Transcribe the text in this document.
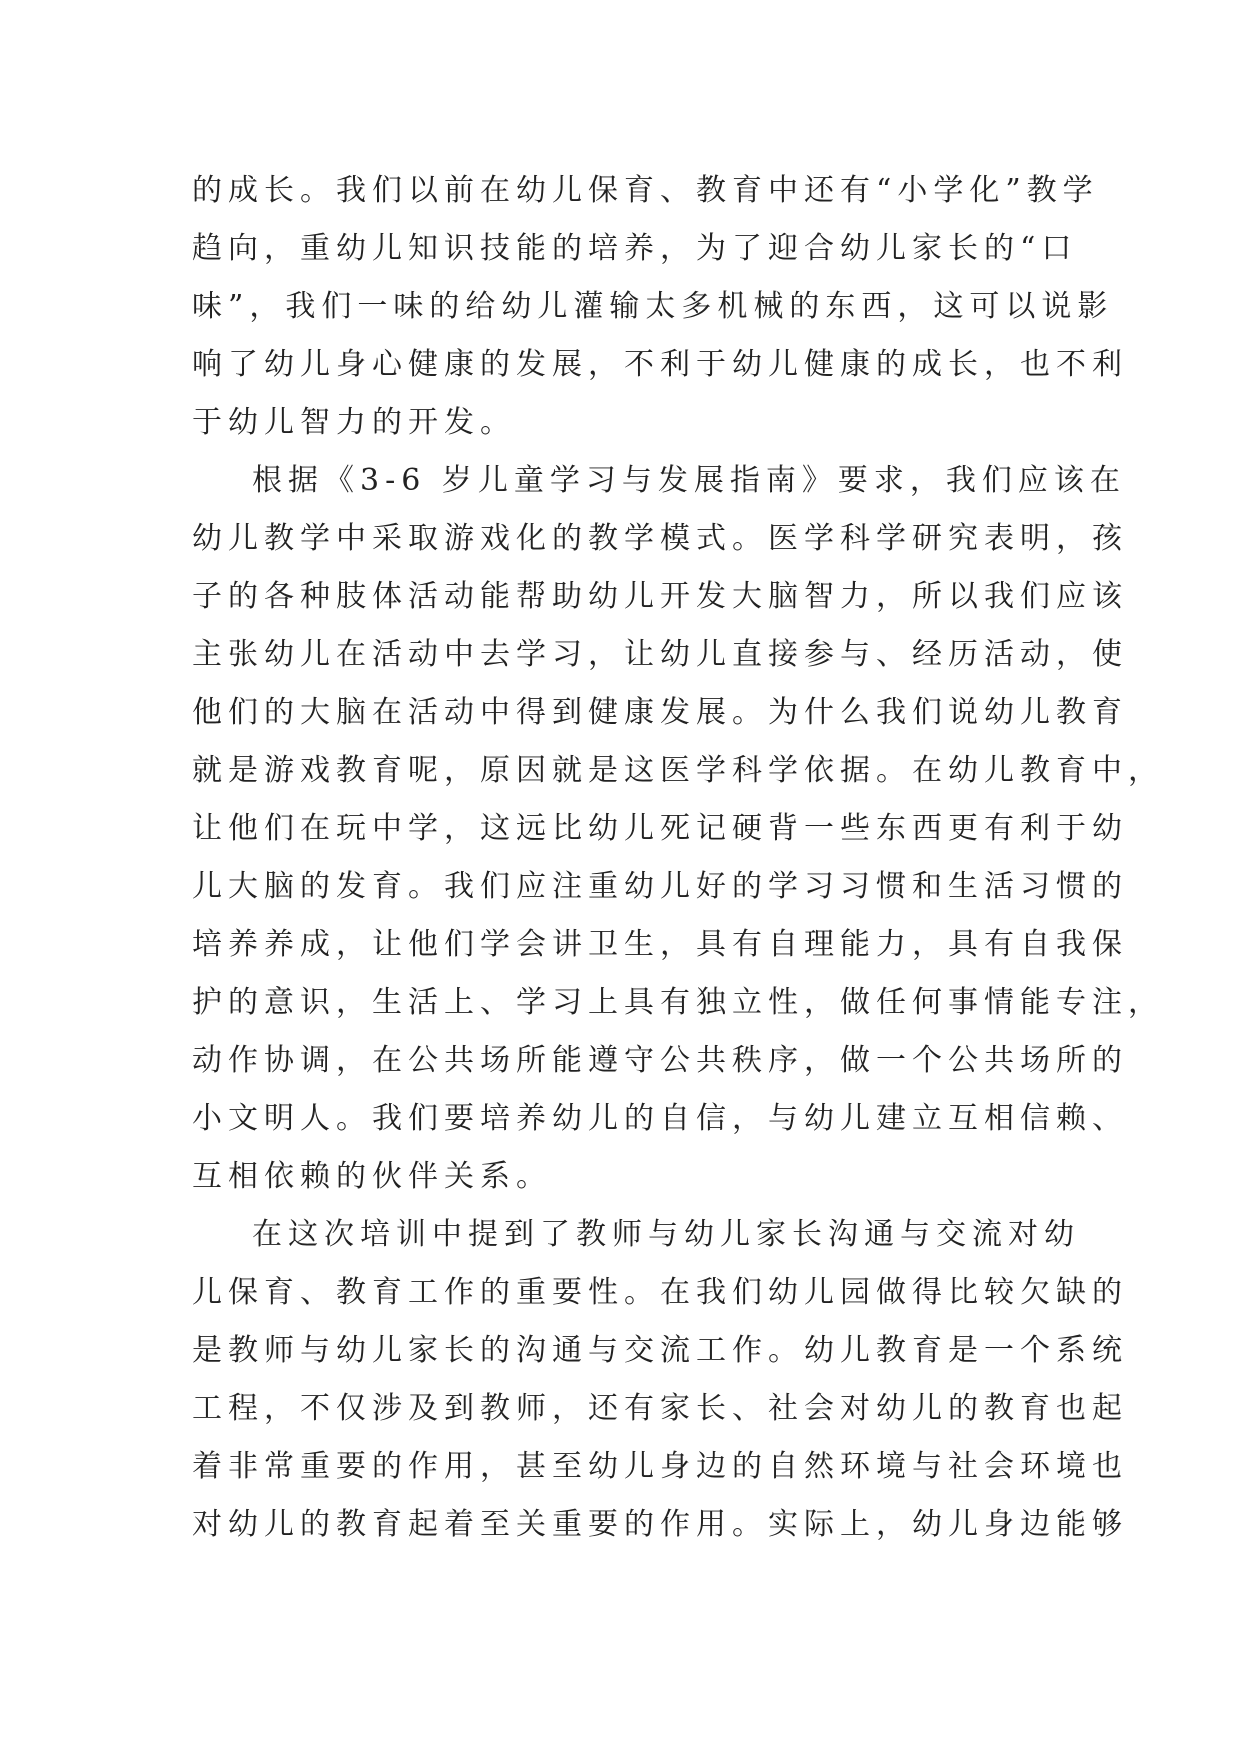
的成长。我们以前在幼儿保育、教育中还有“小学化”教学

趋向，重幼儿知识技能的培养，为了迎合幼儿家长的“口

味”，我们一味的给幼儿灌输太多机械的东西，这可以说影

响了幼儿身心健康的发展，不利于幼儿健康的成长，也不利

于幼儿智力的开发。

根据《3-6 岁儿童学习与发展指南》要求，我们应该在

幼儿教学中采取游戏化的教学模式。医学科学研究表明，孩

子的各种肢体活动能帮助幼儿开发大脑智力，所以我们应该

主张幼儿在活动中去学习，让幼儿直接参与、经历活动，使

他们的大脑在活动中得到健康发展。为什么我们说幼儿教育

就是游戏教育呢，原因就是这医学科学依据。在幼儿教育中，

让他们在玩中学，这远比幼儿死记硬背一些东西更有利于幼

儿大脑的发育。我们应注重幼儿好的学习习惯和生活习惯的

培养养成，让他们学会讲卫生，具有自理能力，具有自我保

护的意识，生活上、学习上具有独立性，做任何事情能专注，

动作协调，在公共场所能遵守公共秩序，做一个公共场所的

小文明人。我们要培养幼儿的自信，与幼儿建立互相信赖、

互相依赖的伙伴关系。

在这次培训中提到了教师与幼儿家长沟通与交流对幼

儿保育、教育工作的重要性。在我们幼儿园做得比较欠缺的

是教师与幼儿家长的沟通与交流工作。幼儿教育是一个系统

工程，不仅涉及到教师，还有家长、社会对幼儿的教育也起

着非常重要的作用，甚至幼儿身边的自然环境与社会环境也

对幼儿的教育起着至关重要的作用。实际上，幼儿身边能够
